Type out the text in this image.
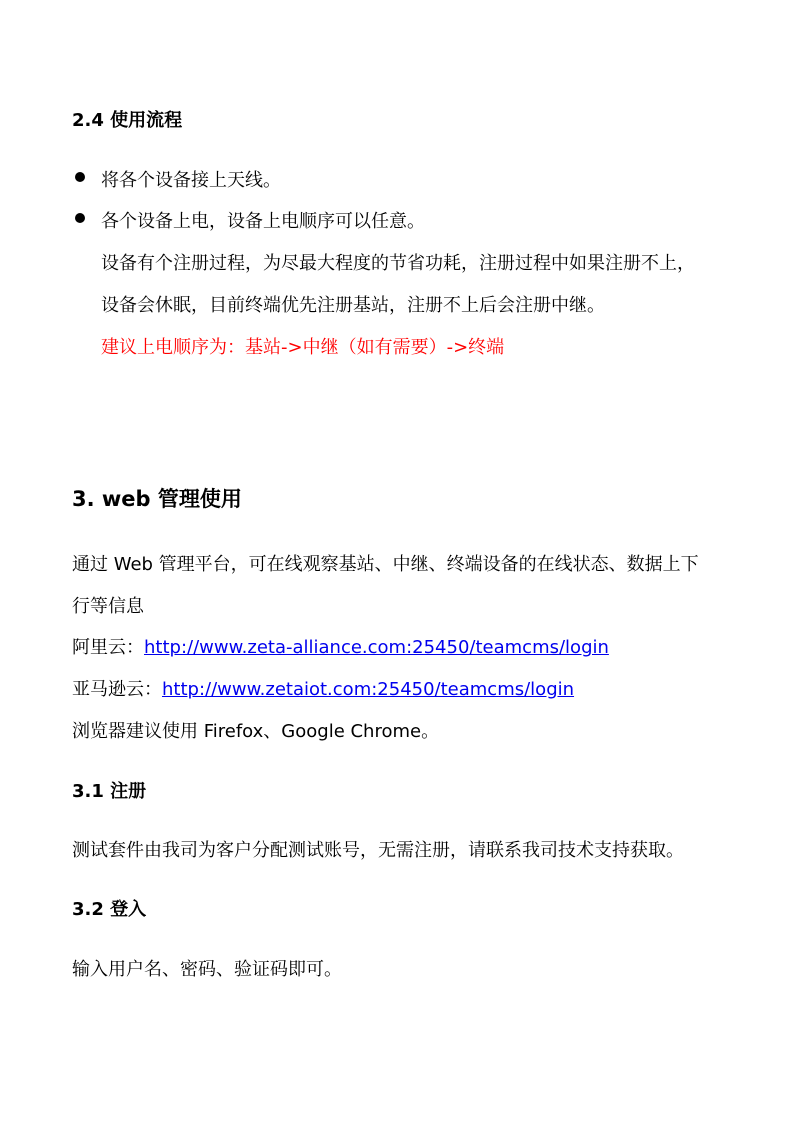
2.4 使用流程
将各个设备接上天线。
各个设备上电，设备上电顺序可以任意。
设备有个注册过程，为尽最大程度的节省功耗，注册过程中如果注册不上，
设备会休眠，目前终端优先注册基站，注册不上后会注册中继。
建议上电顺序为：基站->中继（如有需要）->终端
3. web 管理使用
通过 Web 管理平台，可在线观察基站、中继、终端设备的在线状态、数据上下
行等信息
阿里云：http://www.zeta-alliance.com:25450/teamcms/login
亚马逊云：http://www.zetaiot.com:25450/teamcms/login
浏览器建议使用 Firefox、Google Chrome。
3.1 注册
测试套件由我司为客户分配测试账号，无需注册，请联系我司技术支持获取。
3.2 登入
输入用户名、密码、验证码即可。
